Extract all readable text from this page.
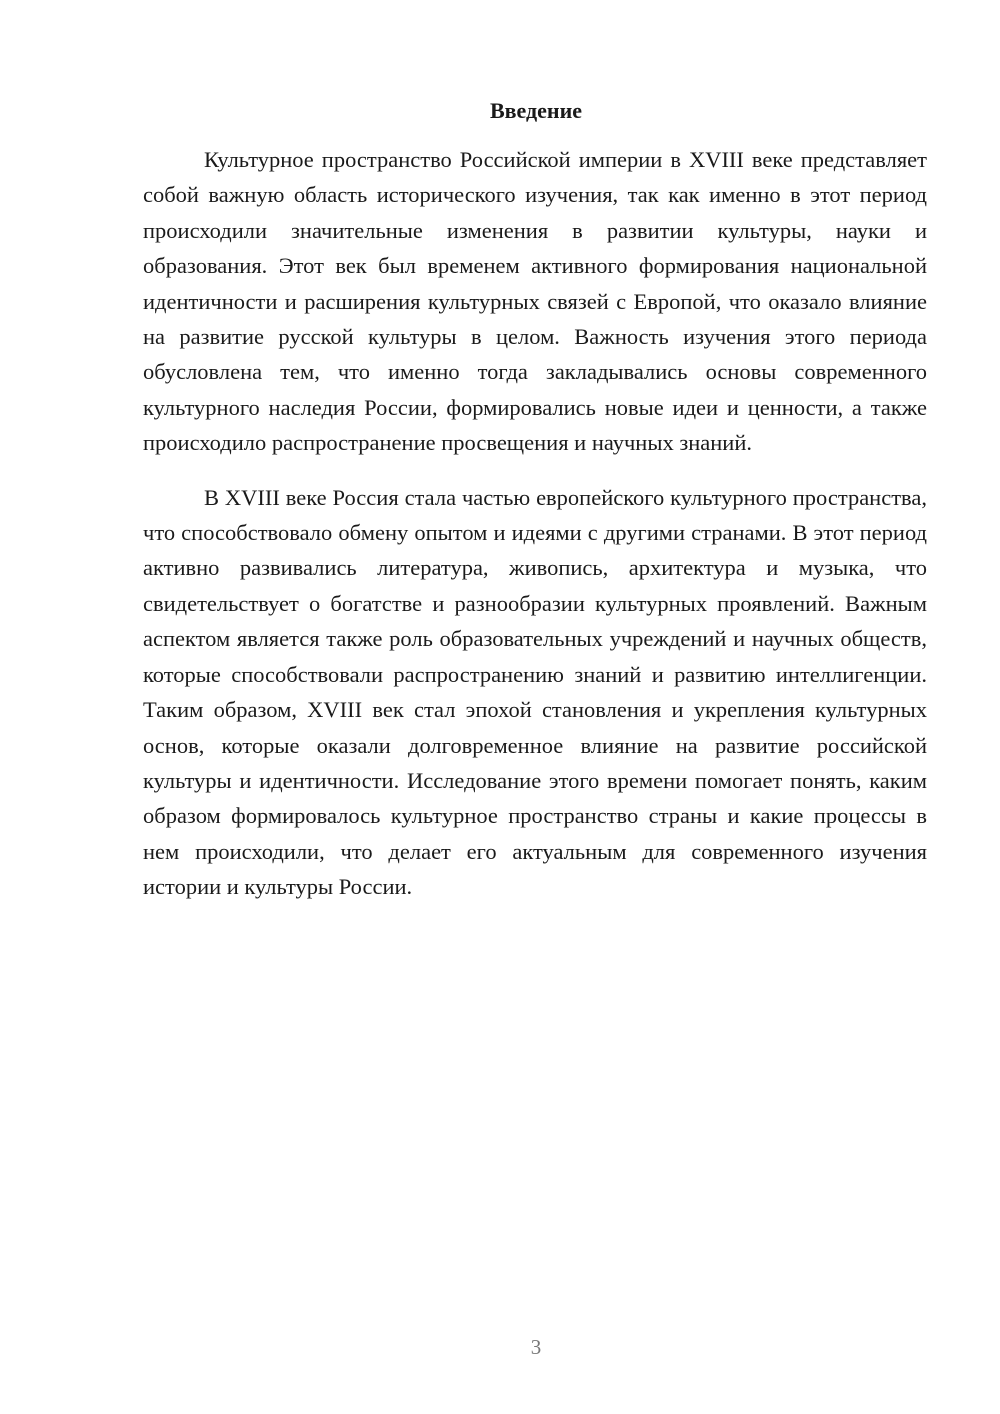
Введение

Культурное пространство Российской империи в XVIII веке представляет собой важную область исторического изучения, так как именно в этот период происходили значительные изменения в развитии культуры, науки и образования. Этот век был временем активного формирования национальной идентичности и расширения культурных связей с Европой, что оказало влияние на развитие русской культуры в целом. Важность изучения этого периода обусловлена тем, что именно тогда закладывались основы современного культурного наследия России, формировались новые идеи и ценности, а также происходило распространение просвещения и научных знаний.

В XVIII веке Россия стала частью европейского культурного пространства, что способствовало обмену опытом и идеями с другими странами. В этот период активно развивались литература, живопись, архитектура и музыка, что свидетельствует о богатстве и разнообразии культурных проявлений. Важным аспектом является также роль образовательных учреждений и научных обществ, которые способствовали распространению знаний и развитию интеллигенции. Таким образом, XVIII век стал эпохой становления и укрепления культурных основ, которые оказали долговременное влияние на развитие российской культуры и идентичности. Исследование этого времени помогает понять, каким образом формировалось культурное пространство страны и какие процессы в нем происходили, что делает его актуальным для современного изучения истории и культуры России.

3
